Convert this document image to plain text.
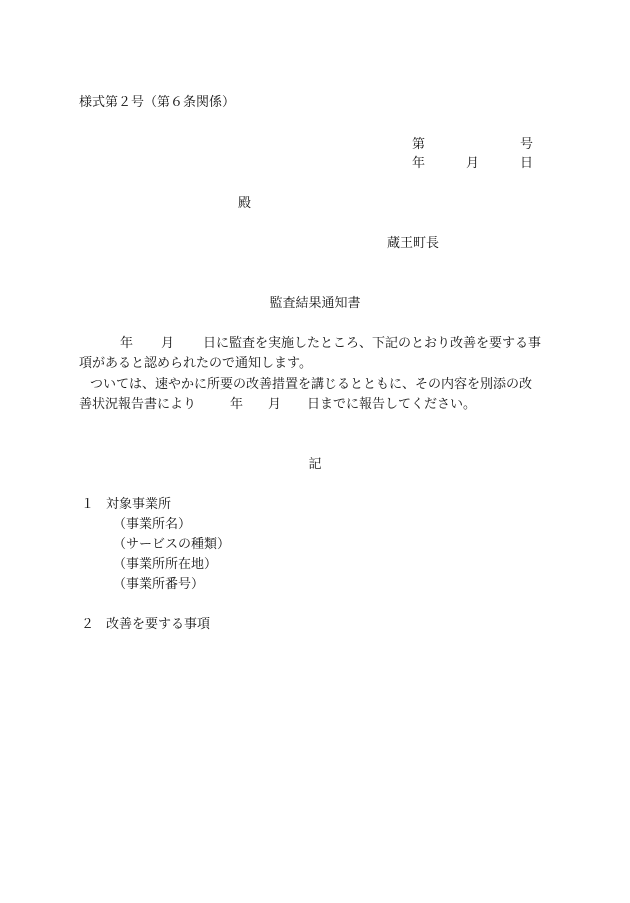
様式第２号（第６条関係）
第	号
年	月	日
殿
蔵王町長
監査結果通知書
年 月 日に監査を実施したところ、下記のとおり改善を要する事
項があると認められたので通知します。
ついては、速やかに所要の改善措置を講じるとともに、その内容を別添の改
善状況報告書により	年 月 日までに報告してください。
記
１ 対象事業所
（事業所名）
（サービスの種類）
（事業所所在地）
（事業所番号）
２ 改善を要する事項
